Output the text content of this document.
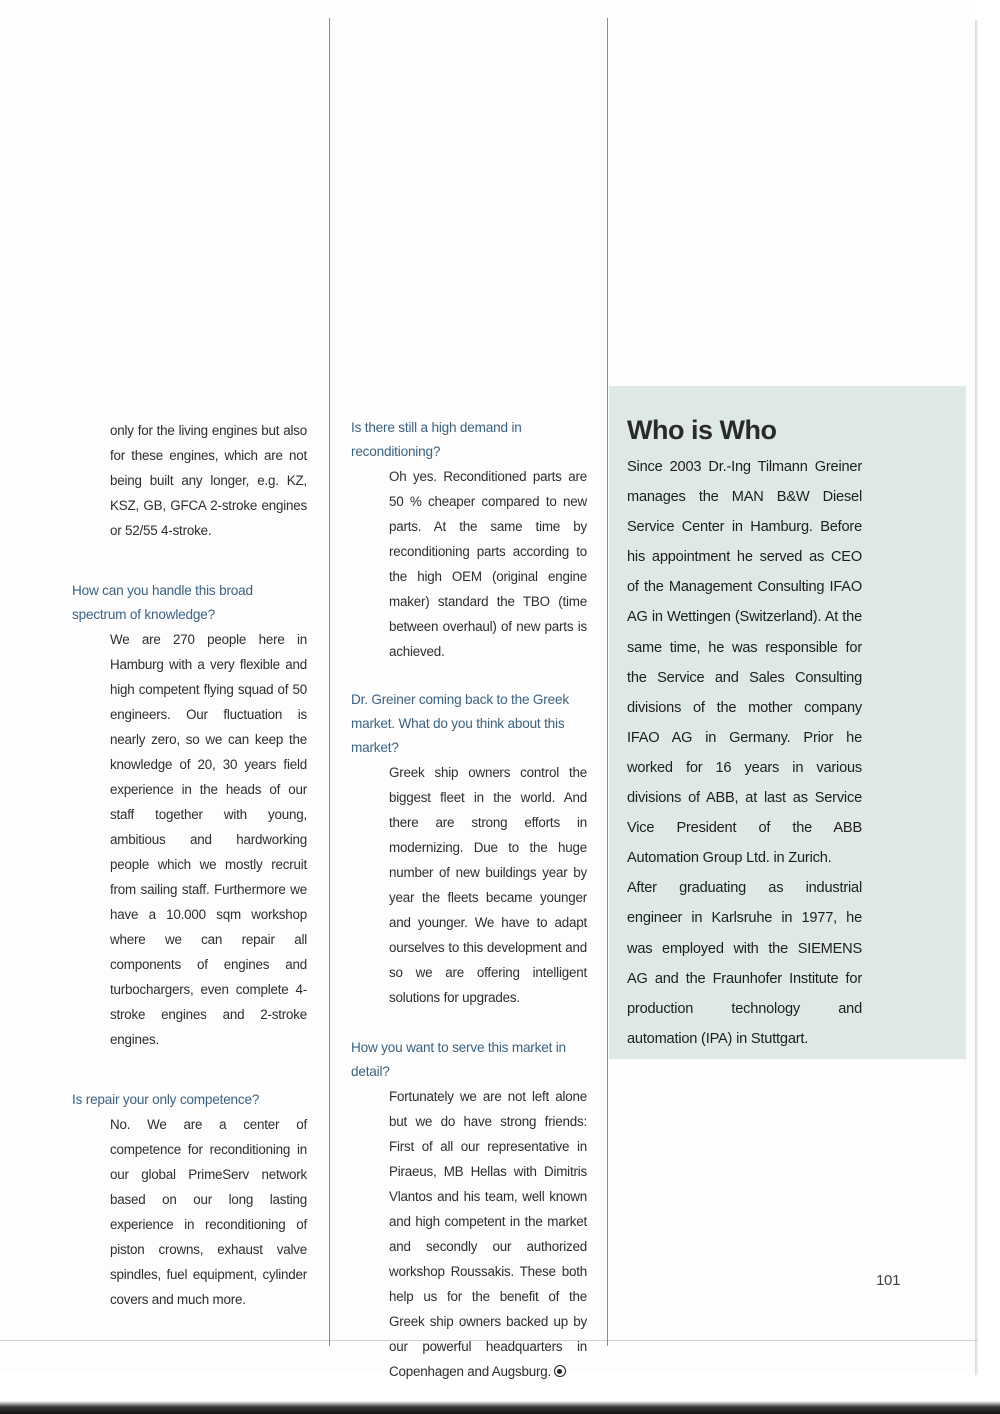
only for the living engines but also for these engines, which are not being built any longer, e.g. KZ, KSZ, GB, GFCA 2-stroke engines or 52/55 4-stroke.

How can you handle this broad spectrum of knowledge?

We are 270 people here in Hamburg with a very flexible and high competent flying squad of 50 engineers. Our fluctuation is nearly zero, so we can keep the knowledge of 20, 30 years field experience in the heads of our staff together with young, ambitious and hardworking people which we mostly recruit from sailing staff. Furthermore we have a 10.000 sqm workshop where we can repair all components of engines and turbochargers, even complete 4-stroke engines and 2-stroke engines.

Is repair your only competence?

No. We are a center of competence for reconditioning in our global PrimeServ network based on our long lasting experience in reconditioning of piston crowns, exhaust valve spindles, fuel equipment, cylinder covers and much more.

Is there still a high demand in reconditioning?

Oh yes. Reconditioned parts are 50 % cheaper compared to new parts. At the same time by reconditioning parts according to the high OEM (original engine maker) standard the TBO (time between overhaul) of new parts is achieved.

Dr. Greiner coming back to the Greek market. What do you think about this market?

Greek ship owners control the biggest fleet in the world. And there are strong efforts in modernizing. Due to the huge number of new buildings year by year the fleets became younger and younger. We have to adapt ourselves to this development and so we are offering intelligent solutions for upgrades.

How you want to serve this market in detail?

Fortunately we are not left alone but we do have strong friends: First of all our representative in Piraeus, MB Hellas with Dimitris Vlantos and his team, well known and high competent in the market and secondly our authorized workshop Roussakis. These both help us for the benefit of the Greek ship owners backed up by our powerful headquarters in Copenhagen and Augsburg.

Who is Who

Since 2003 Dr.-Ing Tilmann Greiner manages the MAN B&W Diesel Service Center in Hamburg. Before his appointment he served as CEO of the Management Consulting IFAO AG in Wettingen (Switzerland). At the same time, he was responsible for the Service and Sales Consulting divisions of the mother company IFAO AG in Germany. Prior he worked for 16 years in various divisions of ABB, at last as Service Vice President of the ABB Automation Group Ltd. in Zurich.

After graduating as industrial engineer in Karlsruhe in 1977, he was employed with the SIEMENS AG and the Fraunhofer Institute for production technology and automation (IPA) in Stuttgart.

101
